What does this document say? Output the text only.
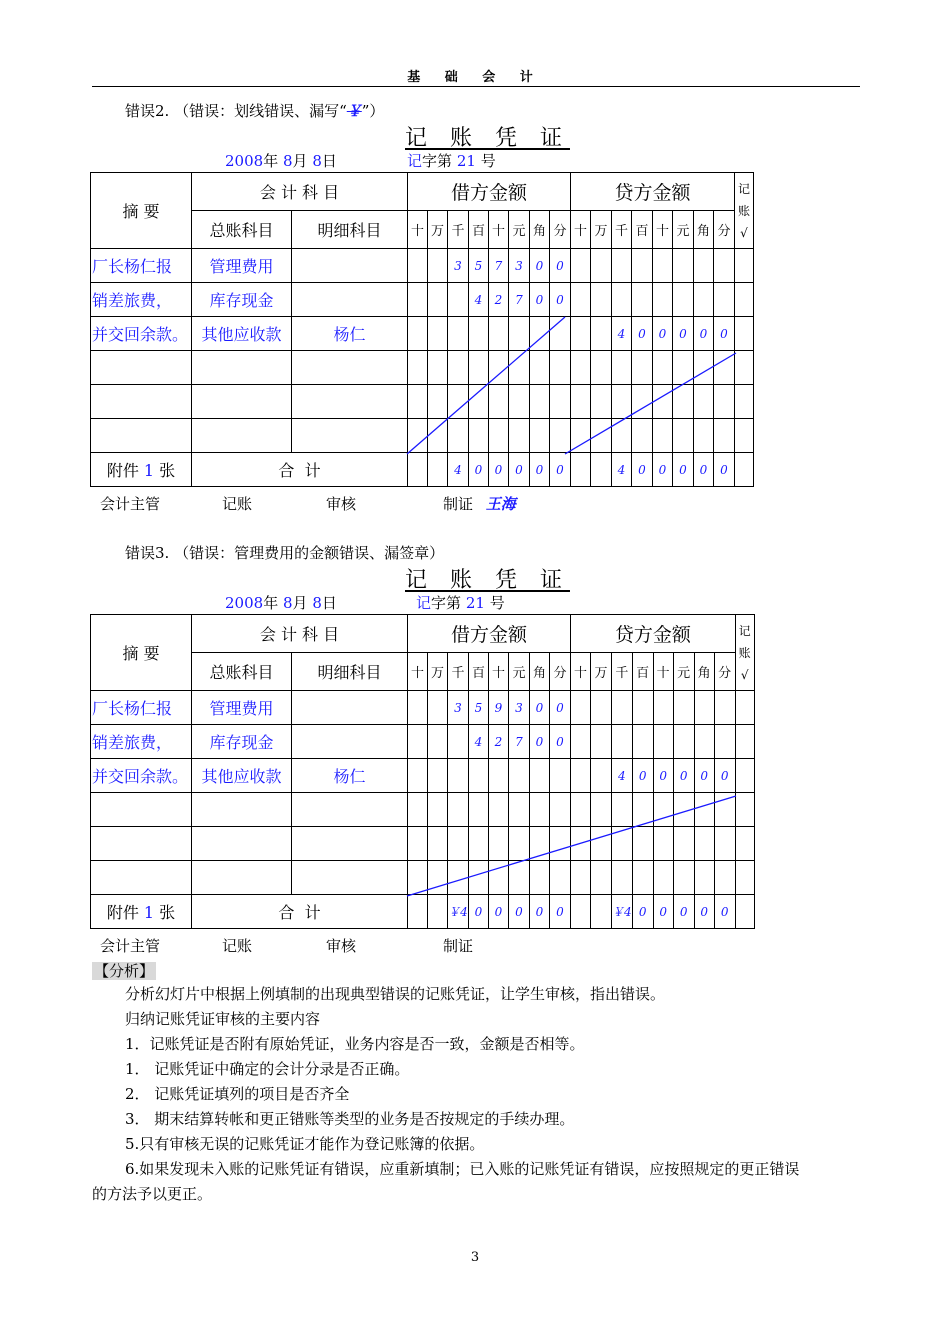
基 础 会 计
错误2. （错误：划线错误、漏写“￥”）
记 账 凭 证
2008年 8月 8日	记字第 21 号
摘 要	会 计 科 目		借方金额								贷方金额								记账√
	总账科目	明细科目	十	万	千	百	十	元	角	分	十	万	千	百	十	元	角	分	
厂长杨仁报	管理费用				3	5	7	3	0	0									
销差旅费，	库存现金					4	2	7	0	0									
并交回余款。	其他应收款	杨仁											4	0	0	0	0	0	

附件 1 张	合  计				4	0	0	0	0	0			4	0	0	0	0	0	
会计主管	记账	审核	制证 王海
错误3. （错误：管理费用的金额错误、漏签章）
记 账 凭 证
2008年 8月 8日	记字第 21 号
摘 要	会 计 科 目		借方金额								贷方金额								记账√
	总账科目	明细科目	十	万	千	百	十	元	角	分	十	万	千	百	十	元	角	分	
厂长杨仁报	管理费用				3	5	9	3	0	0									
销差旅费，	库存现金					4	2	7	0	0									
并交回余款。	其他应收款	杨仁											4	0	0	0	0	0	

附件 1 张	合  计				￥4	0	0	0	0	0			￥4	0	0	0	0	0	
会计主管	记账	审核	制证
【分析】
分析幻灯片中根据上例填制的出现典型错误的记账凭证，让学生审核，指出错误。
归纳记账凭证审核的主要内容
1．记账凭证是否附有原始凭证，业务内容是否一致，金额是否相等。
1． 记账凭证中确定的会计分录是否正确。
2． 记账凭证填列的项目是否齐全
3． 期末结算转帐和更正错账等类型的业务是否按规定的手续办理。
5.只有审核无误的记账凭证才能作为登记账簿的依据。
6.如果发现未入账的记账凭证有错误，应重新填制；已入账的记账凭证有错误，应按照规定的更正错误
的方法予以更正。
3
